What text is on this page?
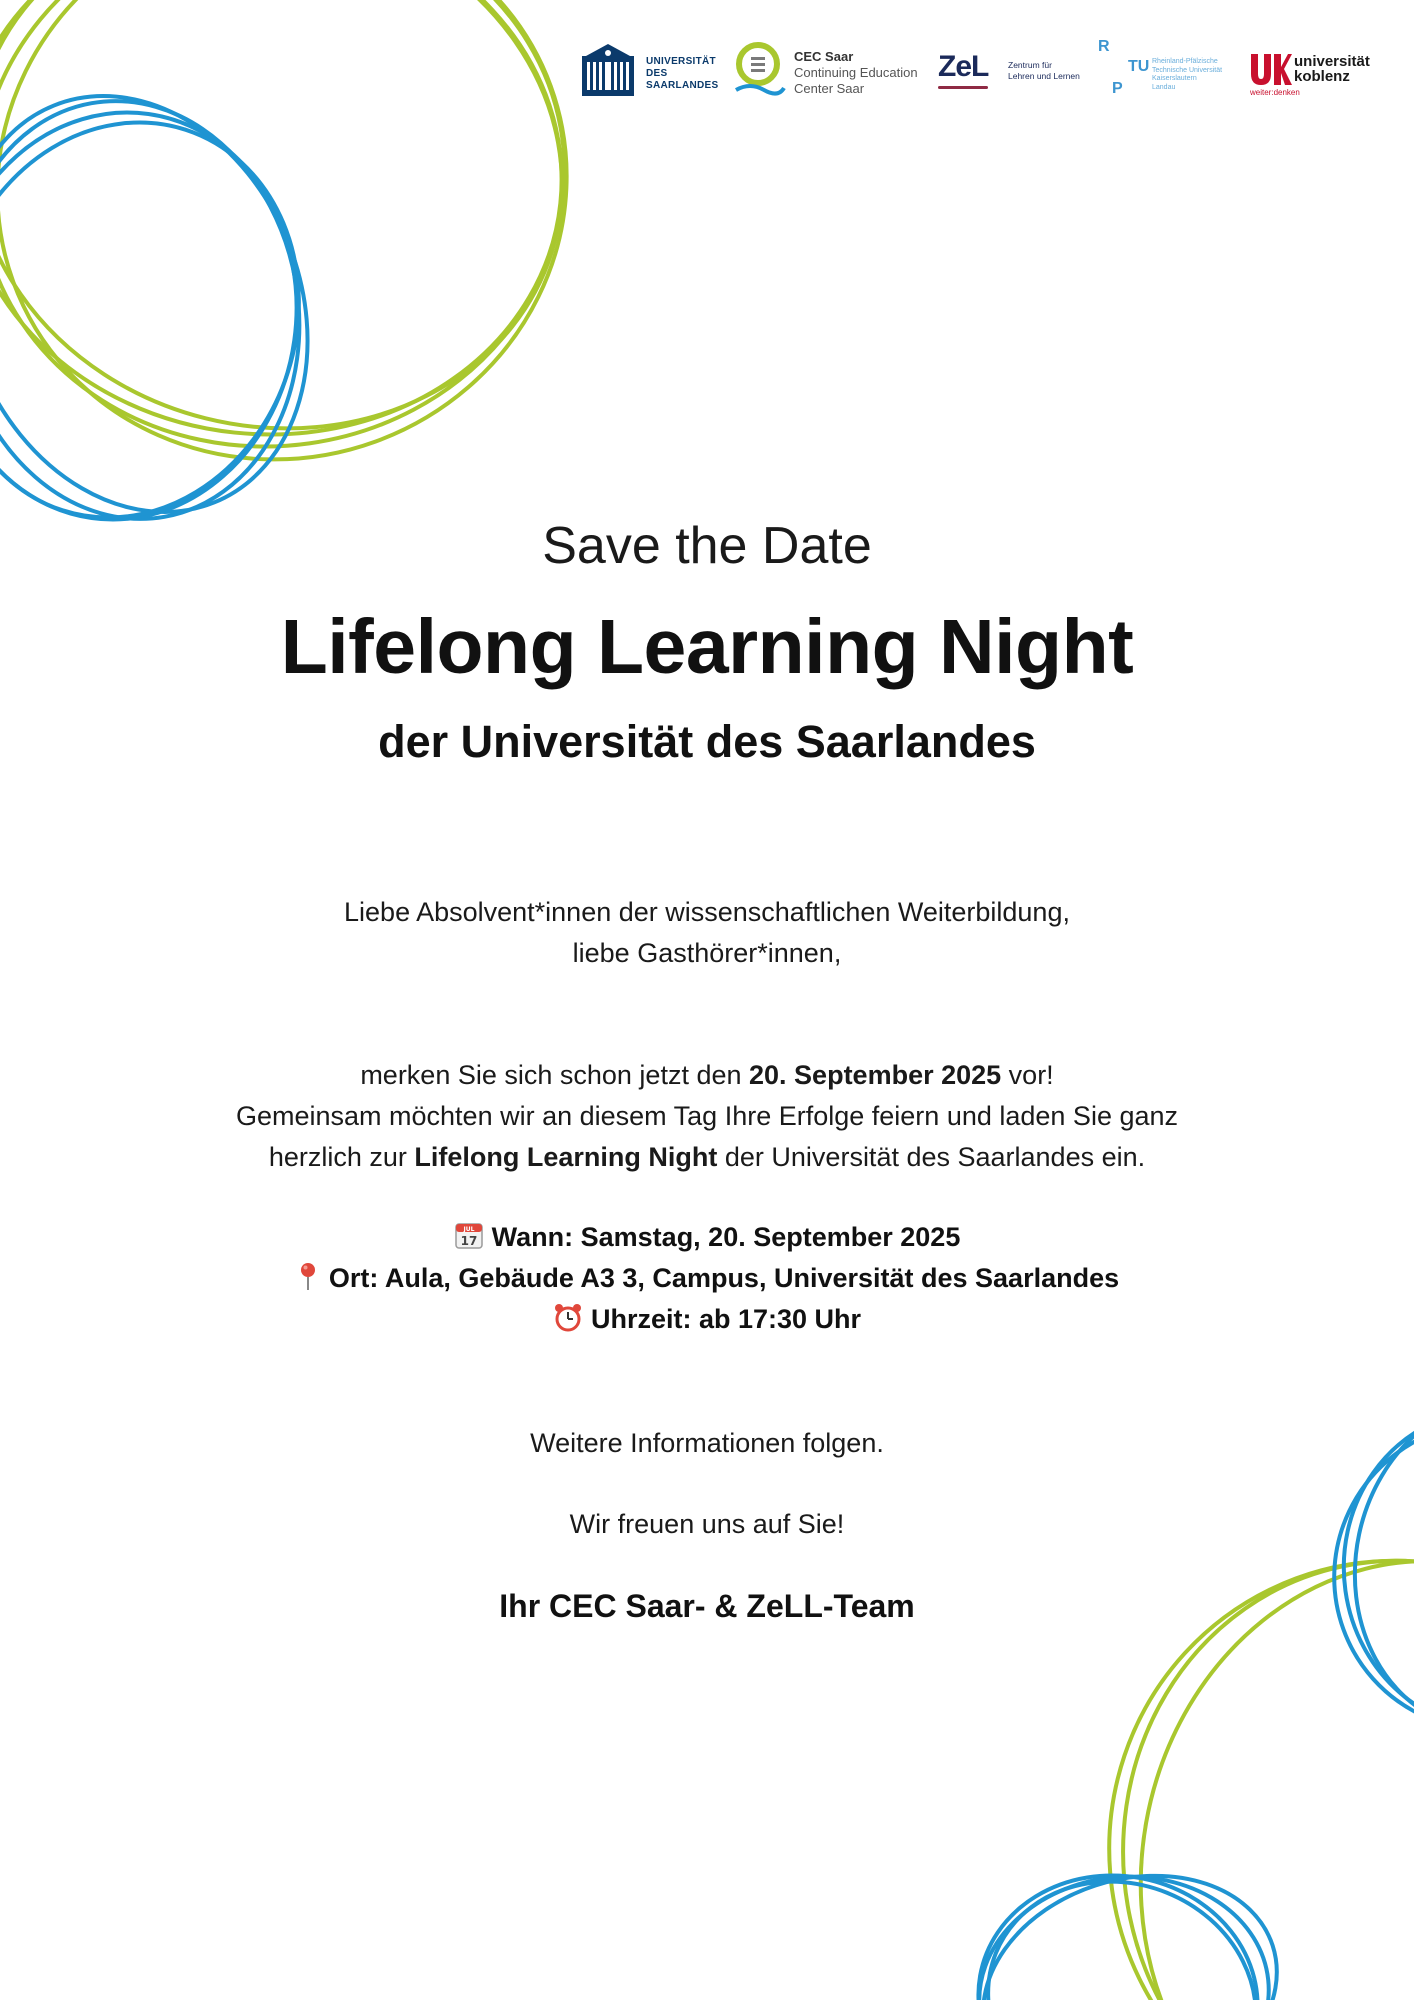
UNIVERSITÄT
DES
SAARLANDES
CEC Saar
Continuing Education
Center Saar
ZeL Zentrum für
Lehren und Lernen
R
P
TU Rheinland-Pfälzische
Technische Universität
Kaiserslautern
Landau
universität
koblenz
weiter:denken
Save the Date
Lifelong Learning Night
der Universität des Saarlandes
Liebe Absolvent*innen der wissenschaftlichen Weiterbildung,
liebe Gasthörer*innen,
merken Sie sich schon jetzt den 20. September 2025 vor!
Gemeinsam möchten wir an diesem Tag Ihre Erfolge feiern und laden Sie ganz
herzlich zur Lifelong Learning Night der Universität des Saarlandes ein.
JUL
17 Wann: Samstag, 20. September 2025
Ort: Aula, Gebäude A3 3, Campus, Universität des Saarlandes
Uhrzeit: ab 17:30 Uhr
Weitere Informationen folgen.
Wir freuen uns auf Sie!
Ihr CEC Saar- & ZeLL-Team
